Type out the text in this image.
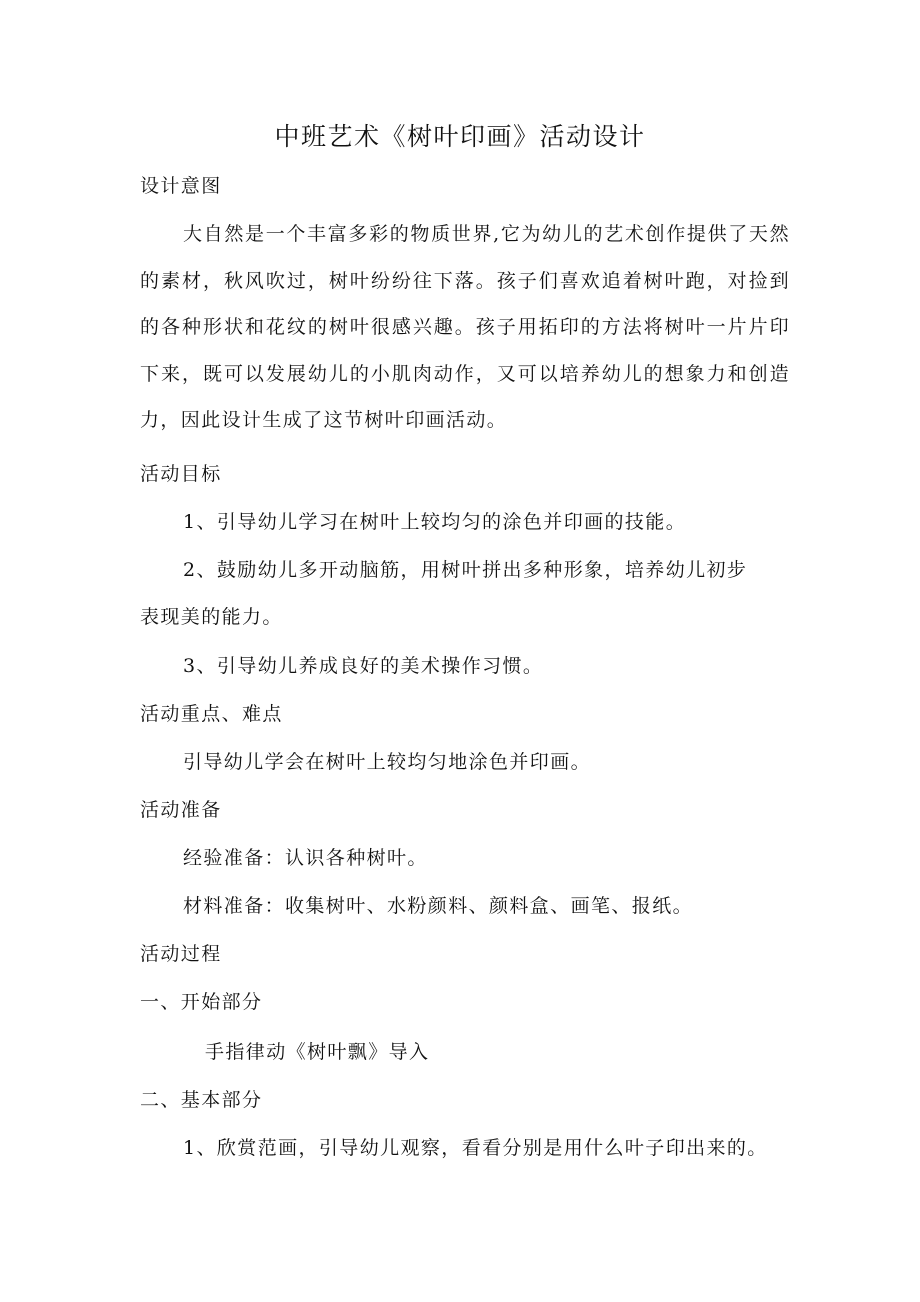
中班艺术《树叶印画》活动设计
设计意图
大自然是一个丰富多彩的物质世界,它为幼儿的艺术创作提供了天然的素材，秋风吹过，树叶纷纷往下落。孩子们喜欢追着树叶跑，对捡到的各种形状和花纹的树叶很感兴趣。孩子用拓印的方法将树叶一片片印下来，既可以发展幼儿的小肌肉动作，又可以培养幼儿的想象力和创造力，因此设计生成了这节树叶印画活动。
活动目标
1、引导幼儿学习在树叶上较均匀的涂色并印画的技能。
2、鼓励幼儿多开动脑筋，用树叶拼出多种形象，培养幼儿初步
表现美的能力。
3、引导幼儿养成良好的美术操作习惯。
活动重点、难点
引导幼儿学会在树叶上较均匀地涂色并印画。
活动准备
经验准备：认识各种树叶。
材料准备：收集树叶、水粉颜料、颜料盒、画笔、报纸。
活动过程
一、开始部分
手指律动《树叶飘》导入
二、基本部分
1、欣赏范画，引导幼儿观察，看看分别是用什么叶子印出来的。
